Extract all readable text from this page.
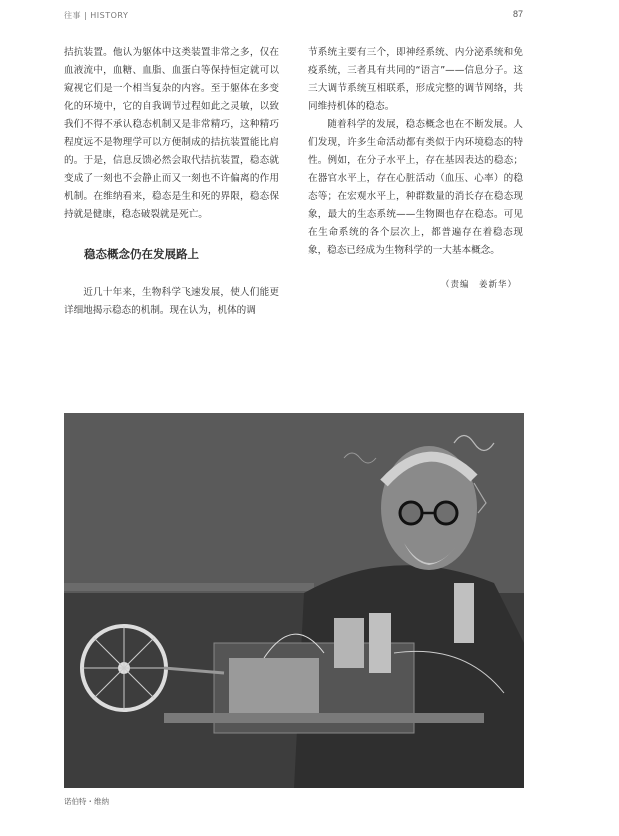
往事 | HISTORY	87

拮抗装置。他认为躯体中这类装置非常之多，仅在血液流中，血糖、血脂、血蛋白等保持恒定就可以窥视它们是一个相当复杂的内容。至于躯体在多变化的环境中，它的自我调节过程如此之灵敏，以致我们不得不承认稳态机制又是非常精巧，这种精巧程度远不是物理学可以方便制成的拮抗装置能比肩的。于是，信息反馈必然会取代拮抗装置，稳态就变成了一刻也不会静止而又一刻也不许偏离的作用机制。在维纳看来，稳态是生和死的界限，稳态保持就是健康，稳态破裂就是死亡。

稳态概念仍在发展路上

近几十年来，生物科学飞速发展，使人们能更详细地揭示稳态的机制。现在认为，机体的调

节系统主要有三个，即神经系统、内分泌系统和免疫系统，三者具有共同的“语言”——信息分子。这三大调节系统互相联系，形成完整的调节网络，共同维持机体的稳态。

随着科学的发展，稳态概念也在不断发展。人们发现，许多生命活动都有类似于内环境稳态的特性。例如，在分子水平上，存在基因表达的稳态；在器官水平上，存在心脏活动（血压、心率）的稳态等；在宏观水平上，种群数量的消长存在稳态现象，最大的生态系统——生物圈也存在稳态。可见在生命系统的各个层次上，都普遍存在着稳态现象，稳态已经成为生物科学的一大基本概念。

（责编　姜新华）
诺伯特・维纳
